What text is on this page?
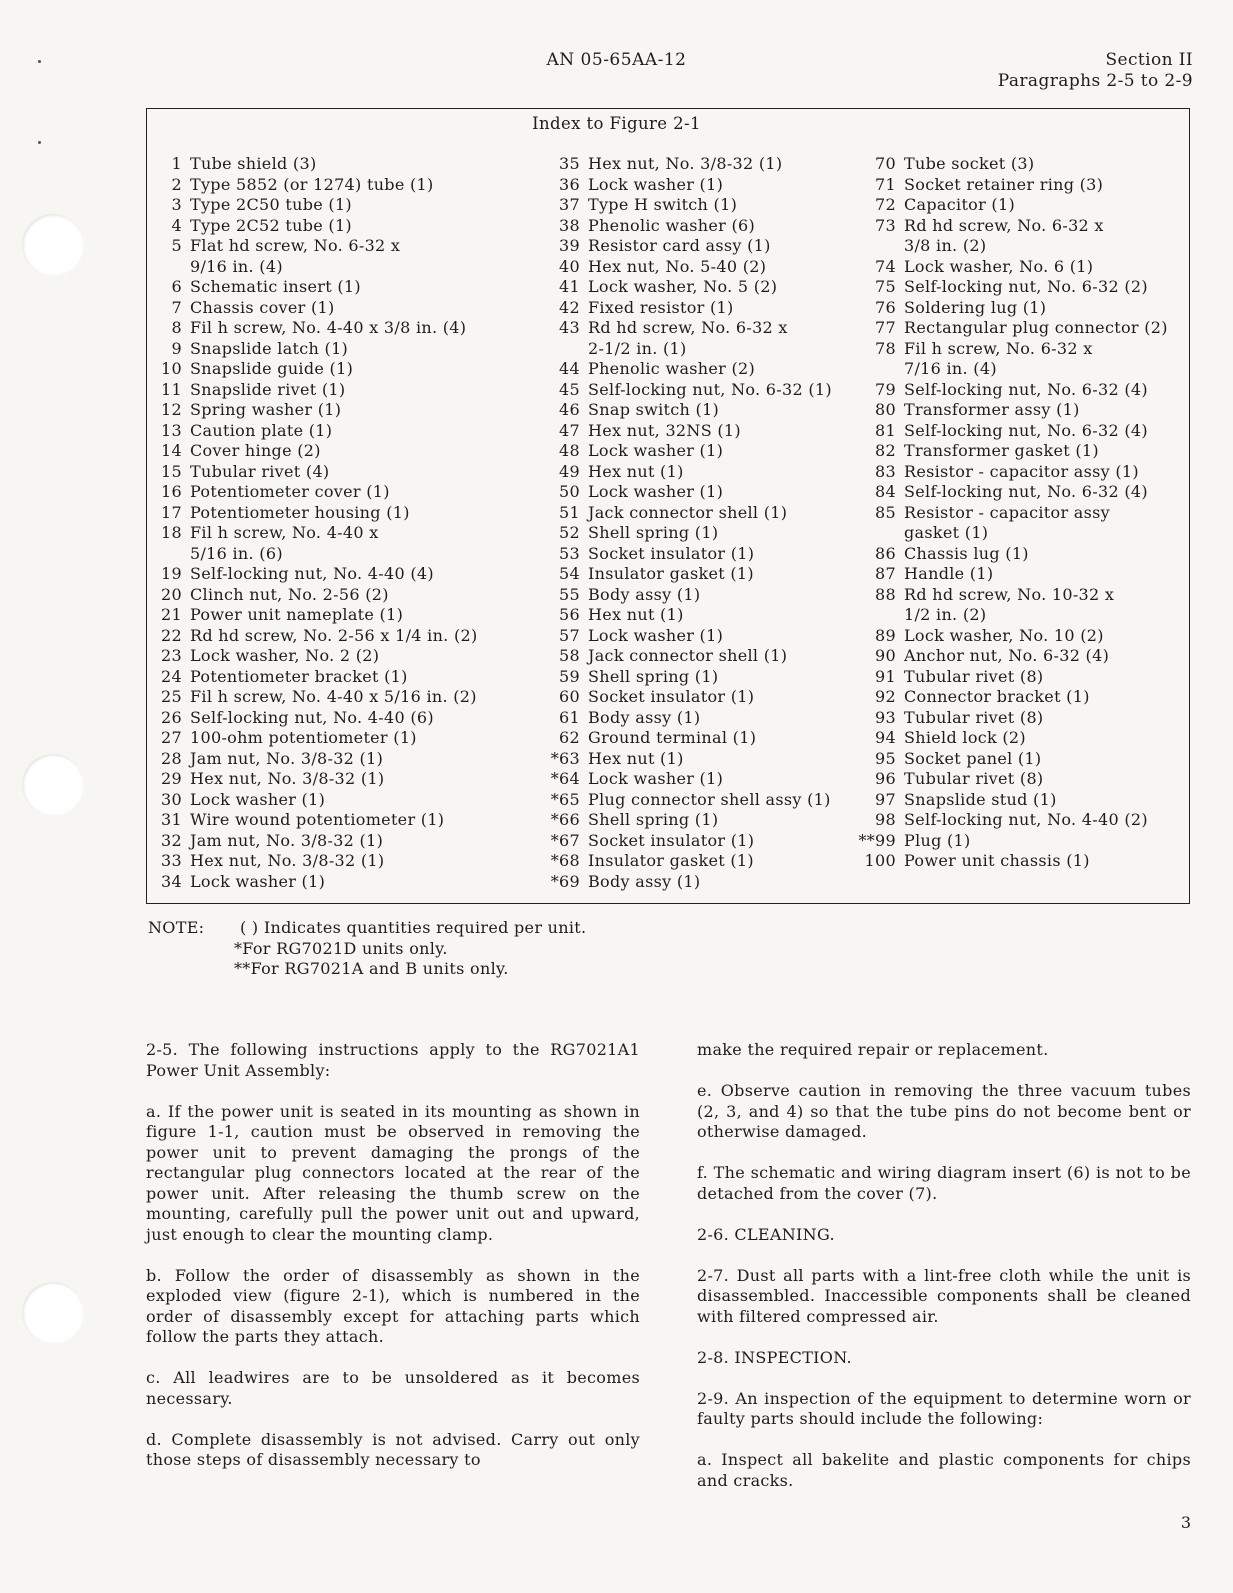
AN 05-65AA-12	Section II
Paragraphs 2-5 to 2-9
Index to Figure 2-1
1 Tube shield (3)
2 Type 5852 (or 1274) tube (1)
3 Type 2C50 tube (1)
4 Type 2C52 tube (1)
5 Flat hd screw, No. 6-32 x
9/16 in. (4)
6 Schematic insert (1)
7 Chassis cover (1)
8 Fil h screw, No. 4-40 x 3/8 in. (4)
9 Snapslide latch (1)
10 Snapslide guide (1)
11 Snapslide rivet (1)
12 Spring washer (1)
13 Caution plate (1)
14 Cover hinge (2)
15 Tubular rivet (4)
16 Potentiometer cover (1)
17 Potentiometer housing (1)
18 Fil h screw, No. 4-40 x
5/16 in. (6)
19 Self-locking nut, No. 4-40 (4)
20 Clinch nut, No. 2-56 (2)
21 Power unit nameplate (1)
22 Rd hd screw, No. 2-56 x 1/4 in. (2)
23 Lock washer, No. 2 (2)
24 Potentiometer bracket (1)
25 Fil h screw, No. 4-40 x 5/16 in. (2)
26 Self-locking nut, No. 4-40 (6)
27 100-ohm potentiometer (1)
28 Jam nut, No. 3/8-32 (1)
29 Hex nut, No. 3/8-32 (1)
30 Lock washer (1)
31 Wire wound potentiometer (1)
32 Jam nut, No. 3/8-32 (1)
33 Hex nut, No. 3/8-32 (1)
34 Lock washer (1)
35 Hex nut, No. 3/8-32 (1)
36 Lock washer (1)
37 Type H switch (1)
38 Phenolic washer (6)
39 Resistor card assy (1)
40 Hex nut, No. 5-40 (2)
41 Lock washer, No. 5 (2)
42 Fixed resistor (1)
43 Rd hd screw, No. 6-32 x
2-1/2 in. (1)
44 Phenolic washer (2)
45 Self-locking nut, No. 6-32 (1)
46 Snap switch (1)
47 Hex nut, 32NS (1)
48 Lock washer (1)
49 Hex nut (1)
50 Lock washer (1)
51 Jack connector shell (1)
52 Shell spring (1)
53 Socket insulator (1)
54 Insulator gasket (1)
55 Body assy (1)
56 Hex nut (1)
57 Lock washer (1)
58 Jack connector shell (1)
59 Shell spring (1)
60 Socket insulator (1)
61 Body assy (1)
62 Ground terminal (1)
*63 Hex nut (1)
*64 Lock washer (1)
*65 Plug connector shell assy (1)
*66 Shell spring (1)
*67 Socket insulator (1)
*68 Insulator gasket (1)
*69 Body assy (1)
70 Tube socket (3)
71 Socket retainer ring (3)
72 Capacitor (1)
73 Rd hd screw, No. 6-32 x
3/8 in. (2)
74 Lock washer, No. 6 (1)
75 Self-locking nut, No. 6-32 (2)
76 Soldering lug (1)
77 Rectangular plug connector (2)
78 Fil h screw, No. 6-32 x
7/16 in. (4)
79 Self-locking nut, No. 6-32 (4)
80 Transformer assy (1)
81 Self-locking nut, No. 6-32 (4)
82 Transformer gasket (1)
83 Resistor - capacitor assy (1)
84 Self-locking nut, No. 6-32 (4)
85 Resistor - capacitor assy
gasket (1)
86 Chassis lug (1)
87 Handle (1)
88 Rd hd screw, No. 10-32 x
1/2 in. (2)
89 Lock washer, No. 10 (2)
90 Anchor nut, No. 6-32 (4)
91 Tubular rivet (8)
92 Connector bracket (1)
93 Tubular rivet (8)
94 Shield lock (2)
95 Socket panel (1)
96 Tubular rivet (8)
97 Snapslide stud (1)
98 Self-locking nut, No. 4-40 (2)
**99 Plug (1)
100 Power unit chassis (1)
NOTE:	( ) Indicates quantities required per unit.
*For RG7021D units only.
**For RG7021A and B units only.

2-5. The following instructions apply to the RG7021A1 Power Unit Assembly:

a. If the power unit is seated in its mounting as shown in figure 1-1, caution must be observed in removing the power unit to prevent damaging the prongs of the rectangular plug connectors located at the rear of the power unit. After releasing the thumb screw on the mounting, carefully pull the power unit out and upward, just enough to clear the mounting clamp.

b. Follow the order of disassembly as shown in the exploded view (figure 2-1), which is numbered in the order of disassembly except for attaching parts which follow the parts they attach.

c. All leadwires are to be unsoldered as it becomes necessary.

d. Complete disassembly is not advised. Carry out only those steps of disassembly necessary to

make the required repair or replacement.

e. Observe caution in removing the three vacuum tubes (2, 3, and 4) so that the tube pins do not become bent or otherwise damaged.

f. The schematic and wiring diagram insert (6) is not to be detached from the cover (7).

2-6. CLEANING.

2-7. Dust all parts with a lint-free cloth while the unit is disassembled. Inaccessible components shall be cleaned with filtered compressed air.

2-8. INSPECTION.

2-9. An inspection of the equipment to determine worn or faulty parts should include the following:

a. Inspect all bakelite and plastic components for chips and cracks.

3
